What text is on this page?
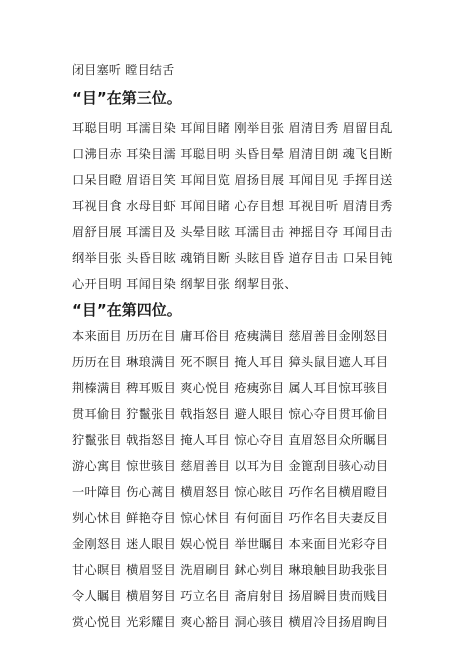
闭目塞听 瞠目结舌
“目”在第三位。
耳聪目明 耳濡目染 耳闻目睹 刚举目张 眉清目秀 眉留目乱
口沸目赤 耳染目濡 耳聪目明 头昏目晕 眉清目朗 魂飞目断
口呆目瞪 眉语目笑 耳闻目览 眉扬目展 耳闻目见 手挥目送
耳视目食 水母目虾 耳闻目睹 心存目想 耳视目听 眉清目秀
眉舒目展 耳濡目及 头晕目眩 耳濡目击 神摇目夺 耳闻目击
纲举目张 头昏目眩 魂销目断 头眩目昏 道存目击 口呆目钝
心开目明 耳闻目染 纲挈目张 纲挈目张、
“目”在第四位。
本来面目 历历在目 庸耳俗目 疮痍满目 慈眉善目金刚怒目
历历在目 琳琅满目 死不瞑目 掩人耳目 獐头鼠目遮人耳目
荆榛满目 稗耳贩目 爽心悦目 疮痍弥目 属人耳目惊耳骇目
贯耳偷目 狞鬣张目 戟指怒目 避人眼目 惊心夺目贯耳偷目
狞鬣张目 戟指怒目 掩人耳目 惊心夺目 直眉怒目众所瞩目
游心寓目 惊世骇目 慈眉善目 以耳为目 金篦刮目骇心动目
一叶障目 伤心蒿目 横眉怒目 惊心眩目 巧作名目横眉瞪目
刿心怵目 鲜艳夺目 惊心怵目 有何面目 巧作名目夫妻反目
金刚怒目 迷人眼目 娱心悦目 举世瞩目 本来面目光彩夺目
甘心瞑目 横眉竖目 洗眉刷目 鉥心刿目 琳琅触目助我张目
令人瞩目 横眉努目 巧立名目 斋肩射目 扬眉瞬目贵而贱目
赏心悦目 光彩耀目 爽心豁目 洞心骇目 横眉冷目扬眉眴目
